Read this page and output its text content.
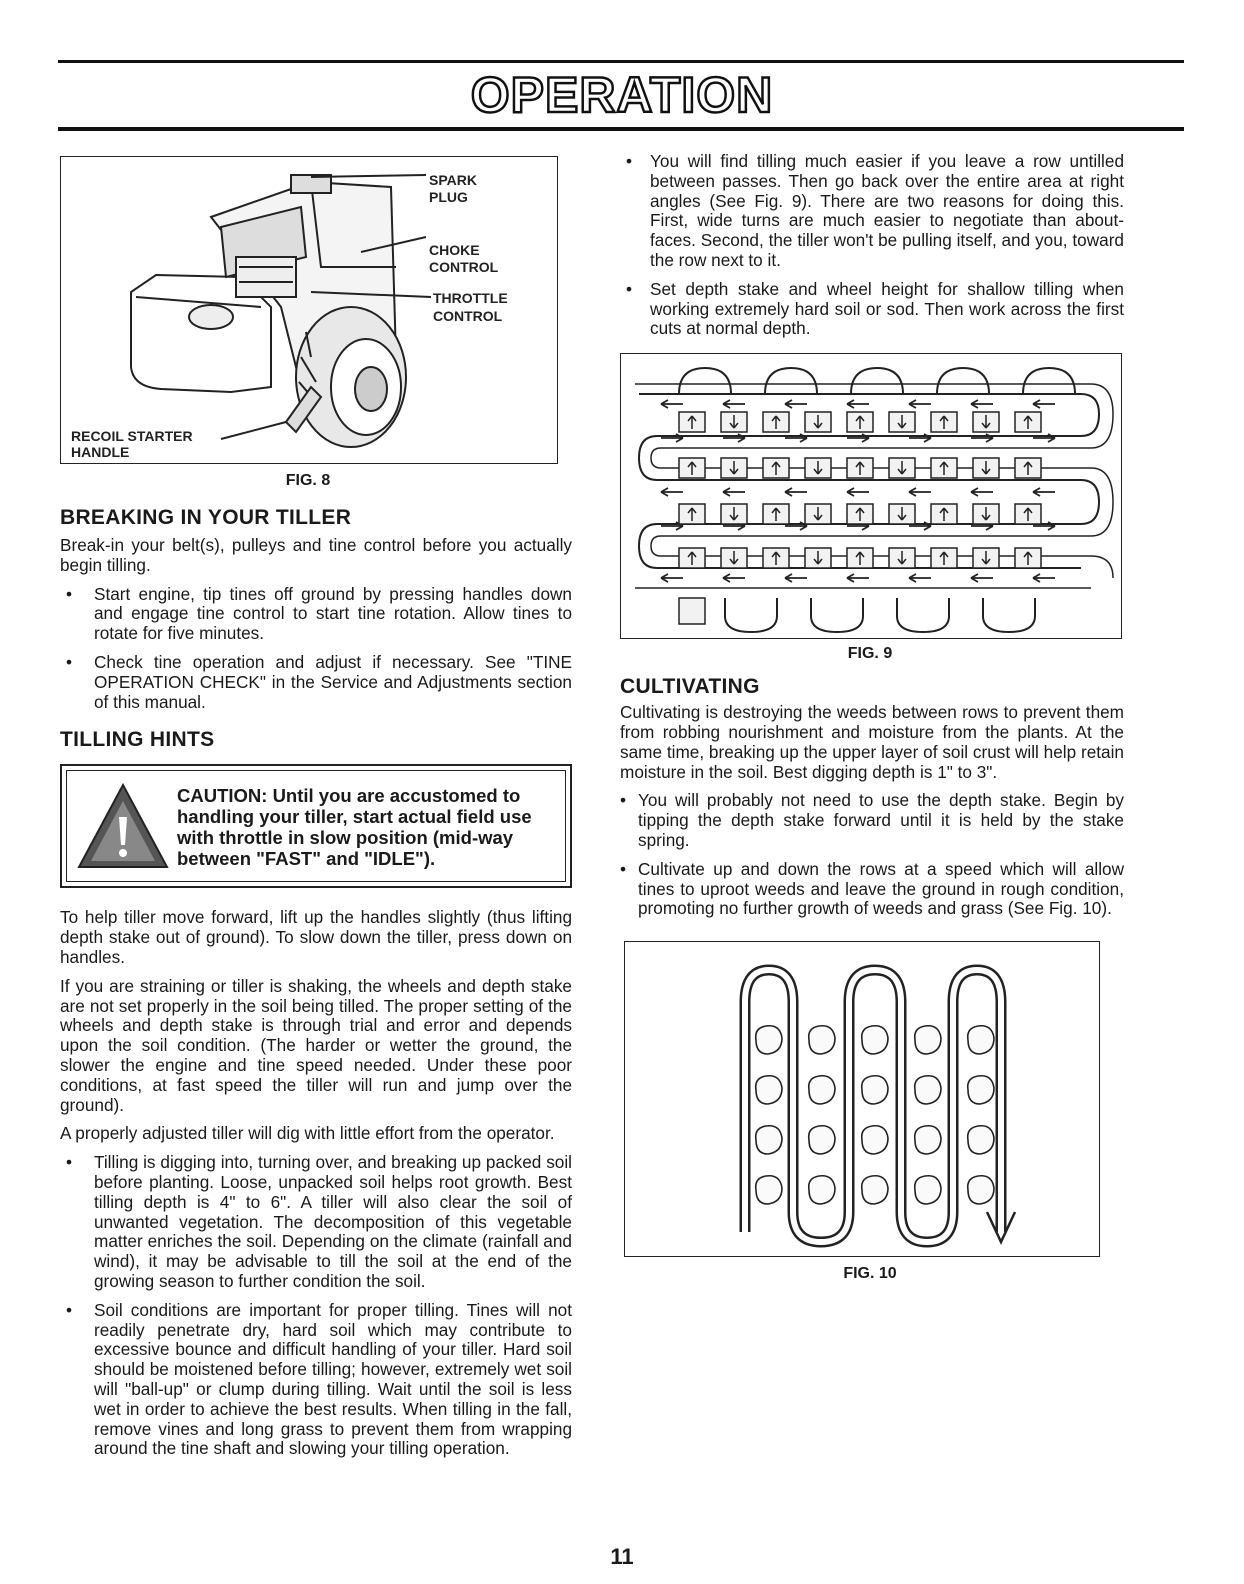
OPERATION
SPARK
PLUG
CHOKE
CONTROL
THROTTLE
CONTROL
RECOIL STARTER
HANDLE
FIG. 8
BREAKING IN YOUR TILLER

Break-in your belt(s), pulleys and tine control before you actually begin tilling.

• Start engine, tip tines off ground by pressing handles down and engage tine control to start tine rotation. Allow tines to rotate for five minutes.
• Check tine operation and adjust if necessary. See "TINE OPERATION CHECK" in the Service and Adjustments section of this manual.
TILLING HINTS
CAUTION: Until you are accustomed to handling your tiller, start actual field use with throttle in slow position (mid-way between "FAST" and "IDLE").

To help tiller move forward, lift up the handles slightly (thus lifting depth stake out of ground). To slow down the tiller, press down on handles.

If you are straining or tiller is shaking, the wheels and depth stake are not set properly in the soil being tilled. The proper setting of the wheels and depth stake is through trial and error and depends upon the soil condition. (The harder or wetter the ground, the slower the engine and tine speed needed. Under these poor conditions, at fast speed the tiller will run and jump over the ground).

A properly adjusted tiller will dig with little effort from the operator.

• Tilling is digging into, turning over, and breaking up packed soil before planting. Loose, unpacked soil helps root growth. Best tilling depth is 4" to 6". A tiller will also clear the soil of unwanted vegetation. The decomposition of this vegetable matter enriches the soil. Depending on the climate (rainfall and wind), it may be advisable to till the soil at the end of the growing season to further condition the soil.
• Soil conditions are important for proper tilling. Tines will not readily penetrate dry, hard soil which may contribute to excessive bounce and difficult handling of your tiller. Hard soil should be moistened before tilling; however, extremely wet soil will "ball-up" or clump during tilling. Wait until the soil is less wet in order to achieve the best results. When tilling in the fall, remove vines and long grass to prevent them from wrapping around the tine shaft and slowing your tilling operation.
• You will find tilling much easier if you leave a row untilled between passes. Then go back over the entire area at right angles (See Fig. 9). There are two reasons for doing this. First, wide turns are much easier to negotiate than about-faces. Second, the tiller won't be pulling itself, and you, toward the row next to it.
• Set depth stake and wheel height for shallow tilling when working extremely hard soil or sod. Then work across the first cuts at normal depth.
FIG. 9
CULTIVATING

Cultivating is destroying the weeds between rows to prevent them from robbing nourishment and moisture from the plants. At the same time, breaking up the upper layer of soil crust will help retain moisture in the soil. Best digging depth is 1" to 3".

• You will probably not need to use the depth stake. Begin by tipping the depth stake forward until it is held by the stake spring.
• Cultivate up and down the rows at a speed which will allow tines to uproot weeds and leave the ground in rough condition, promoting no further growth of weeds and grass (See Fig. 10).
FIG. 10
11
